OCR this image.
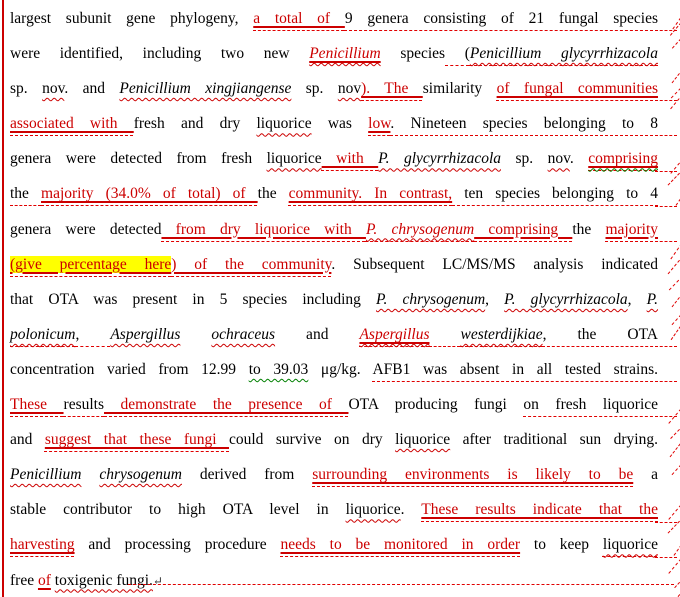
largest subunit gene phylogeny, a total of 9 genera consisting of 21 fungal species
were identified, including two new Penicillium species (Penicillium glycyrrhizacola
sp. nov. and Penicillium xingjiangense sp. nov). The similarity of fungal communities
associated with fresh and dry liquorice was low. Nineteen species belonging to 8
genera were detected from fresh liquorice with P. glycyrrhizacola sp. nov. comprising
the majority (34.0% of total) of the community. In contrast, ten species belonging to 4
genera were detected from dry liquorice with P. chrysogenum comprising the majority
(give percentage here) of the community. Subsequent LC/MS/MS analysis indicated
that OTA was present in 5 species including P. chrysogenum, P. glycyrrhizacola, P.
polonicum, Aspergillus ochraceus and Aspergillus westerdijkiae, the OTA
concentration varied from 12.99 to 39.03 μg/kg. AFB1 was absent in all tested strains.
These results demonstrate the presence of OTA producing fungi on fresh liquorice
and suggest that these fungi could survive on dry liquorice after traditional sun drying.
Penicillium chrysogenum derived from surrounding environments is likely to be a
stable contributor to high OTA level in liquorice. These results indicate that the
harvesting and processing procedure needs to be monitored in order to keep liquorice
free of toxigenic fungi.↵
